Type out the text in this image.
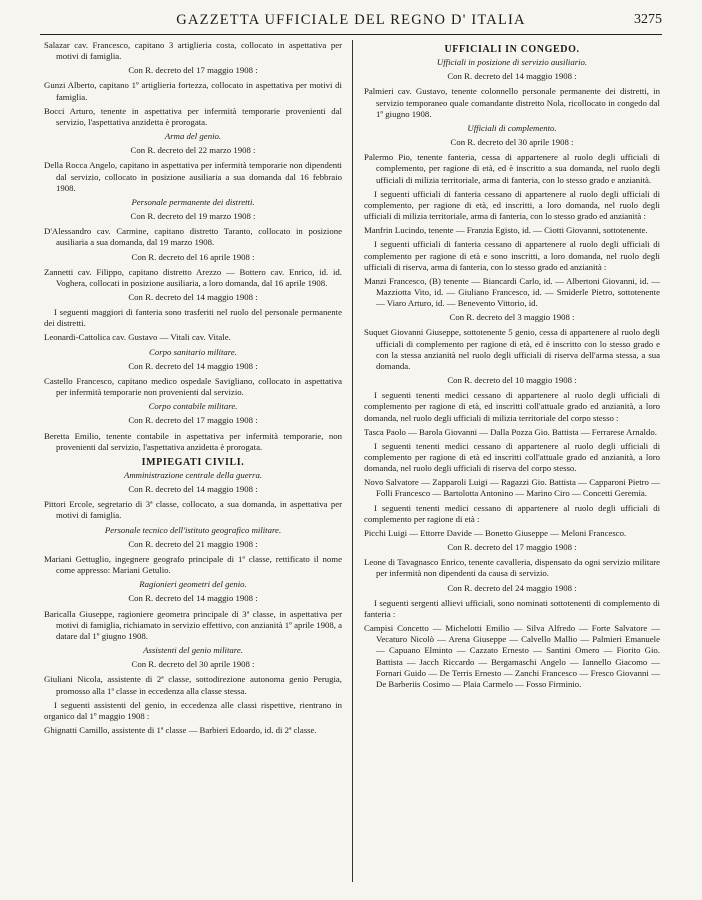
GAZZETTA UFFICIALE DEL REGNO D' ITALIA	3275

Salazar cav. Francesco, capitano 3 artiglieria costa, collocato in aspettativa per motivi di famiglia.

Con R. decreto del 17 maggio 1908 :

Gunzi Alberto, capitano 1º artiglieria fortezza, collocato in aspettativa per motivi di famiglia.

Bocci Arturo, tenente in aspettativa per infermità temporarie provenienti dal servizio, l'aspettativa anzidetta è prorogata.

Arma del genio.

Con R. decreto del 22 marzo 1908 :

Della Rocca Angelo, capitano in aspettativa per infermità temporarie non dipendenti dal servizio, collocato in posizione ausiliaria a sua domanda dal 16 febbraio 1908.

Personale permanente dei distretti.

Con R. decreto del 19 marzo 1908 :

D'Alessandro cav. Carmine, capitano distretto Taranto, collocato in posizione ausiliaria a sua domanda, dal 19 marzo 1908.

Con R. decreto del 16 aprile 1908 :

Zannetti cav. Filippo, capitano distretto Arezzo — Bottero cav. Enrico, id. id. Voghera, collocati in posizione ausiliaria, a loro domanda, dal 16 aprile 1908.

Con R. decreto del 14 maggio 1908 :

I seguenti maggiori di fanteria sono trasferiti nel ruolo del personale permanente dei distretti.

Leonardi-Cattolica cav. Gustavo — Vitali cav. Vitale.

Corpo sanitario militare.

Con R. decreto del 14 maggio 1908 :

Castello Francesco, capitano medico ospedale Savigliano, collocato in aspettativa per infermità temporarie non provenienti dal servizio.

Corpo contabile militare.

Con R. decreto del 17 maggio 1908 :

Beretta Emilio, tenente contabile in aspettativa per infermità temporarie, non provenienti dal servizio, l'aspettativa anzidetta è prorogata.

IMPIEGATI CIVILI.

Amministrazione centrale della guerra.

Con R. decreto del 14 maggio 1908 :

Pittori Ercole, segretario di 3ª classe, collocato, a sua domanda, in aspettativa per motivi di famiglia.

Personale tecnico dell'istituto geografico militare.

Con R. decreto del 21 maggio 1908 :

Mariani Gettuglio, ingegnere geografo principale di 1ª classe, rettificato il nome come appresso: Mariani Getulio.

Ragionieri geometri del genio.

Con R. decreto del 14 maggio 1908 :

Baricalla Giuseppe, ragioniere geometra principale di 3ª classe, in aspettativa per motivi di famiglia, richiamato in servizio effettivo, con anzianità 1º aprile 1908, a datare dal 1º giugno 1908.

Assistenti del genio militare.

Con R. decreto del 30 aprile 1908 :

Giuliani Nicola, assistente di 2ª classe, sottodirezione autonoma genio Perugia, promosso alla 1ª classe in eccedenza alla classe stessa.

I seguenti assistenti del genio, in eccedenza alle classi rispettive, rientrano in organico dal 1º maggio 1908 :

Ghignatti Camillo, assistente di 1ª classe — Barbieri Edoardo, id. di 2ª classe.

UFFICIALI IN CONGEDO.

Ufficiali in posizione di servizio ausiliario.

Con R. decreto del 14 maggio 1908 :

Palmieri cav. Gustavo, tenente colonnello personale permanente dei distretti, in servizio temporaneo quale comandante distretto Nola, ricollocato in congedo dal 1º giugno 1908.

Ufficiali di complemento.

Con R. decreto del 30 aprile 1908 :

Palermo Pio, tenente fanteria, cessa di appartenere al ruolo degli ufficiali di complemento, per ragione di età, ed è inscritto a sua domanda, nel ruolo degli ufficiali di milizia territoriale, arma di fanteria, con lo stesso grado e anzianità.

I seguenti ufficiali di fanteria cessano di appartenere al ruolo degli ufficiali di complemento, per ragione di età, ed inscritti, a loro domanda, nel ruolo degli ufficiali di milizia territoriale, arma di fanteria, con lo stesso grado ed anzianità :

Manfrin Lucindo, tenente — Franzia Egisto, id. — Ciotti Giovanni, sottotenente.

I seguenti ufficiali di fanteria cessano di appartenere al ruolo degli ufficiali di complemento per ragione di età e sono inscritti, a loro domanda, nel ruolo degli ufficiali di riserva, arma di fanteria, con lo stesso grado ed anzianità :

Manzi Francesco, (B) tenente — Biancardi Carlo, id. — Albertoni Giovanni, id. — Mazziotta Vito, id. — Giuliano Francesco, id. — Smiderle Pietro, sottotenente — Viaro Arturo, id. — Benevento Vittorio, id.

Con R. decreto del 3 maggio 1908 :

Suquet Giovanni Giuseppe, sottotenente 5 genio, cessa di appartenere al ruolo degli ufficiali di complemento per ragione di età, ed è inscritto con lo stesso grado e con la stessa anzianità nel ruolo degli ufficiali di riserva dell'arma stessa, a sua domanda.

Con R. decreto del 10 maggio 1908 :

I seguenti tenenti medici cessano di appartenere al ruolo degli ufficiali di complemento per ragione di età, ed inscritti coll'attuale grado ed anzianità, a loro domanda, nel ruolo degli ufficiali di milizia territoriale del corpo stesso :

Tasca Paolo — Barola Giovanni — Dalla Pozza Gio. Battista — Ferrarese Arnaldo.

I seguenti tenenti medici cessano di appartenere al ruolo degli ufficiali di complemento per ragione di età ed inscritti coll'attuale grado ed anzianità, a loro domanda, nel ruolo degli ufficiali di riserva del corpo stesso.

Novo Salvatore — Zapparoli Luigi — Ragazzi Gio. Battista — Capparoni Pietro — Folli Francesco — Bartolotta Antonino — Marino Ciro — Concetti Geremia.

I seguenti tenenti medici cessano di appartenere al ruolo degli ufficiali di complemento per ragione di età :

Picchi Luigi — Ettorre Davide — Bonetto Giuseppe — Meloni Francesco.

Con R. decreto del 17 maggio 1908 :

Leone di Tavagnasco Enrico, tenente cavalleria, dispensato da ogni servizio militare per infermità non dipendenti da causa di servizio.

Con R. decreto del 24 maggio 1908 :

I seguenti sergenti allievi ufficiali, sono nominati sottotenenti di complemento di fanteria :

Campisi Concetto — Michelotti Emilio — Silva Alfredo — Forte Salvatore — Vecaturo Nicolò — Arena Giuseppe — Calvello Mallio — Palmieri Emanuele — Capuano Elminto — Cazzato Ernesto — Santini Omero — Fiorito Gio. Battista — Jacch Riccardo — Bergamaschi Angelo — Iannello Giacomo — Fornari Guido — De Terris Ernesto — Zanchi Francesco — Fresco Giovanni — De Barberiis Cosimo — Plaia Carmelo — Fosso Firminio.
